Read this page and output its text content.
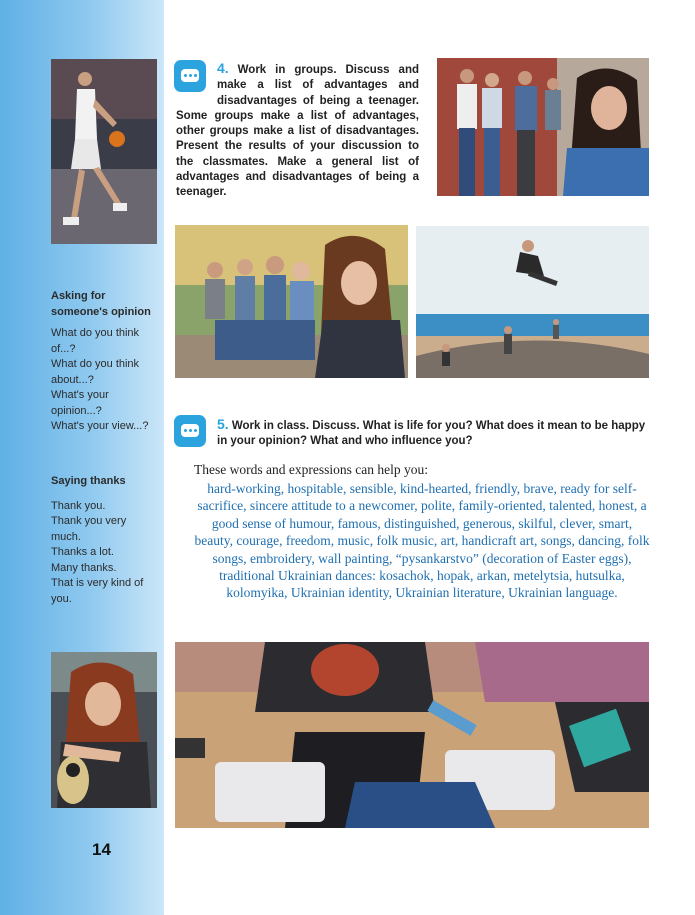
Asking for
someone's opinion
What do you think
of...?
What do you think
about...?
What's your
opinion...?
What's your view...?
Saying thanks
Thank you.
Thank you very
much.
Thanks a lot.
Many thanks.
That is very kind of
you.
14
4. Work in groups. Discuss and make a list of advantages and disadvantages of being a teenager. Some groups make a list of advantages, other groups make a list of disadvantages. Present the results of your discussion to the classmates. Make a general list of advantages and disadvantages of being a teenager.
5. Work in class. Discuss. What is life for you? What does it mean to be happy in your opinion? What and who influence you?
These words and expressions can help you:
hard-working, hospitable, sensible, kind-hearted, friendly, brave, ready for self-sacrifice, sincere attitude to a newcomer, polite, family-oriented, talented, honest, a good sense of humour, famous, distinguished, generous, skilful, clever, smart, beauty, courage, freedom, music, folk music, art, handicraft art, songs, dancing, folk songs, embroidery, wall painting, “pysankarstvo” (decoration of Easter eggs), traditional Ukrainian dances: kosachok, hopak, arkan, metelytsia, hutsulka, kolomyika, Ukrainian identity, Ukrainian literature, Ukrainian language.
